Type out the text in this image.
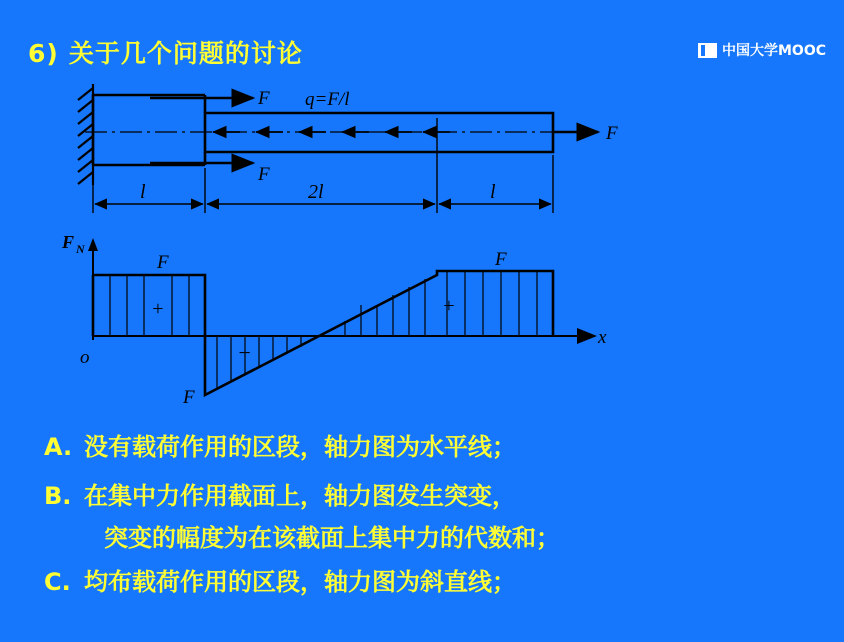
6) 关于几个问题的讨论	中国大学MOOC
F
F
F
q=F/l
l	2l	l
F N
x
o
+
F
−
F
+
F
A. 没有载荷作用的区段，轴力图为水平线；
B. 在集中力作用截面上，轴力图发生突变，
突变的幅度为在该截面上集中力的代数和；
C. 均布载荷作用的区段，轴力图为斜直线；
